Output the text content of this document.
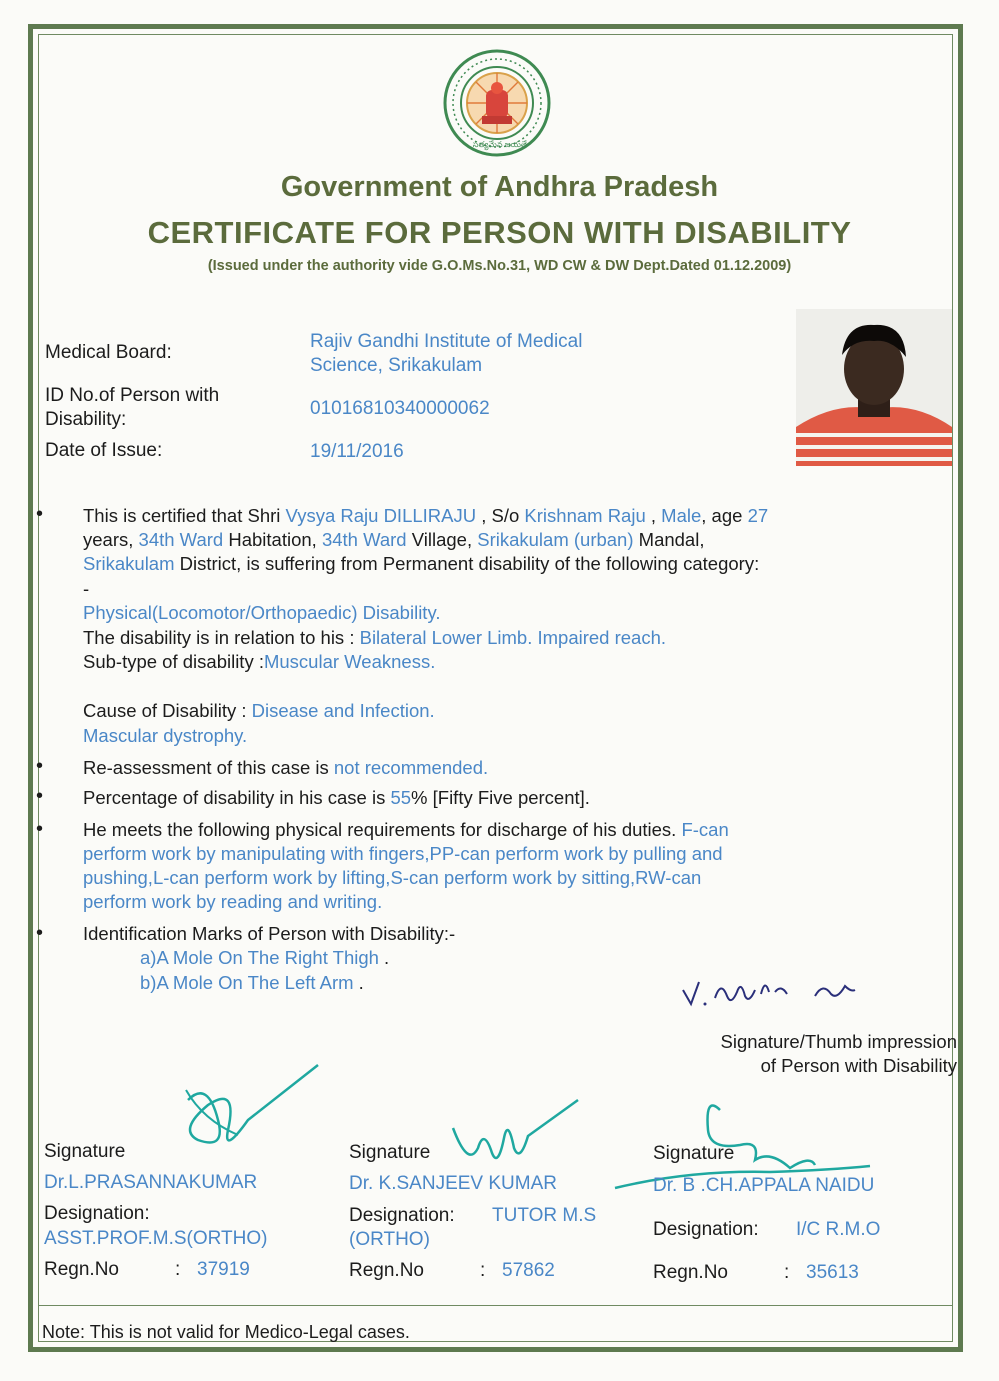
సత్యమేవ జయతే
Government of Andhra Pradesh
CERTIFICATE FOR PERSON WITH DISABILITY
(Issued under the authority vide G.O.Ms.No.31, WD CW & DW Dept.Dated 01.12.2009)
Medical Board:
Rajiv Gandhi Institute of Medical
Science, Srikakulam
ID No.of Person with
Disability:
01016810340000062
Date of Issue:	19/11/2016
• This is certified that Shri Vysya Raju DILLIRAJU , S/o Krishnam Raju , Male, age 27
years, 34th Ward Habitation, 34th Ward Village, Srikakulam (urban) Mandal,
Srikakulam District, is suffering from Permanent disability of the following category:
-
Physical(Locomotor/Orthopaedic) Disability.
The disability is in relation to his : Bilateral Lower Limb. Impaired reach.
Sub-type of disability :Muscular Weakness.
Cause of Disability : Disease and Infection.
Mascular dystrophy.
• Re-assessment of this case is not recommended.
• Percentage of disability in his case is 55% [Fifty Five percent].
• He meets the following physical requirements for discharge of his duties. F-can
perform work by manipulating with fingers,PP-can perform work by pulling and
pushing,L-can perform work by lifting,S-can perform work by sitting,RW-can
perform work by reading and writing.
• Identification Marks of Person with Disability:-
a)A Mole On The Right Thigh .
b)A Mole On The Left Arm .
Signature/Thumb impression
of Person with Disability
Signature
Dr.L.PRASANNAKUMAR
Designation:
ASST.PROF.M.S(ORTHO)
Regn.No	: 37919
Signature
Dr. K.SANJEEV KUMAR
Designation: TUTOR M.S
(ORTHO)
Regn.No	: 57862
Signature
Dr. B .CH.APPALA NAIDU
Designation: I/C R.M.O
Regn.No	: 35613
Note: This is not valid for Medico-Legal cases.
